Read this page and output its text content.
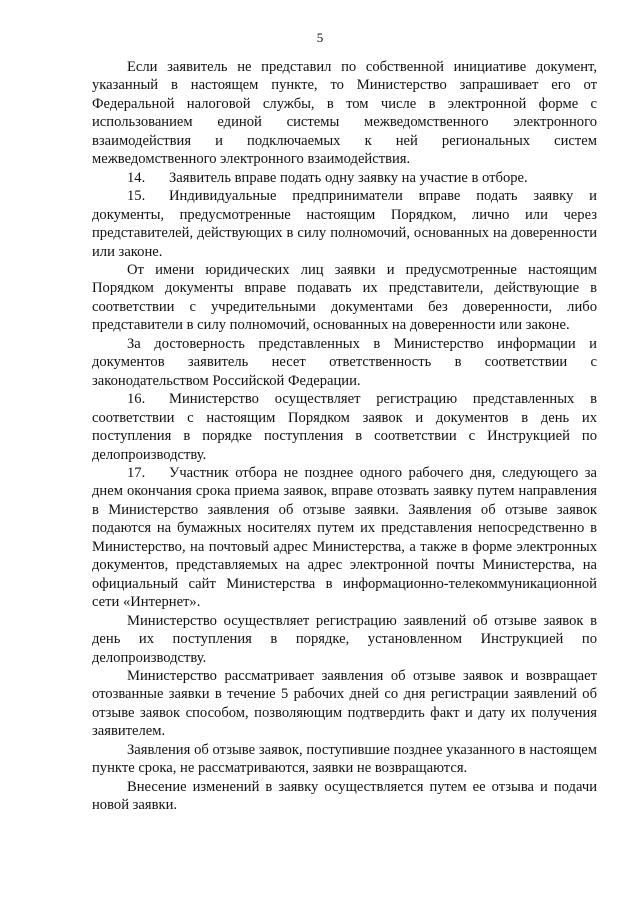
5

Если заявитель не представил по собственной инициативе документ, указанный в настоящем пункте, то Министерство запрашивает его от Федеральной налоговой службы, в том числе в электронной форме с использованием единой системы межведомственного электронного взаимодействия и подключаемых к ней региональных систем межведомственного электронного взаимодействия.

14. Заявитель вправе подать одну заявку на участие в отборе.

15. Индивидуальные предприниматели вправе подать заявку и документы, предусмотренные настоящим Порядком, лично или через представителей, действующих в силу полномочий, основанных на доверенности или законе.

От имени юридических лиц заявки и предусмотренные настоящим Порядком документы вправе подавать их представители, действующие в соответствии с учредительными документами без доверенности, либо представители в силу полномочий, основанных на доверенности или законе.

За достоверность представленных в Министерство информации и документов заявитель несет ответственность в соответствии с законодательством Российской Федерации.

16. Министерство осуществляет регистрацию представленных в соответствии с настоящим Порядком заявок и документов в день их поступления в порядке поступления в соответствии с Инструкцией по делопроизводству.

17. Участник отбора не позднее одного рабочего дня, следующего за днем окончания срока приема заявок, вправе отозвать заявку путем направления в Министерство заявления об отзыве заявки. Заявления об отзыве заявок подаются на бумажных носителях путем их представления непосредственно в Министерство, на почтовый адрес Министерства, а также в форме электронных документов, представляемых на адрес электронной почты Министерства, на официальный сайт Министерства в информационно-телекоммуникационной сети «Интернет».

Министерство осуществляет регистрацию заявлений об отзыве заявок в день их поступления в порядке, установленном Инструкцией по делопроизводству.

Министерство рассматривает заявления об отзыве заявок и возвращает отозванные заявки в течение 5 рабочих дней со дня регистрации заявлений об отзыве заявок способом, позволяющим подтвердить факт и дату их получения заявителем.

Заявления об отзыве заявок, поступившие позднее указанного в настоящем пункте срока, не рассматриваются, заявки не возвращаются.

Внесение изменений в заявку осуществляется путем ее отзыва и подачи новой заявки.
